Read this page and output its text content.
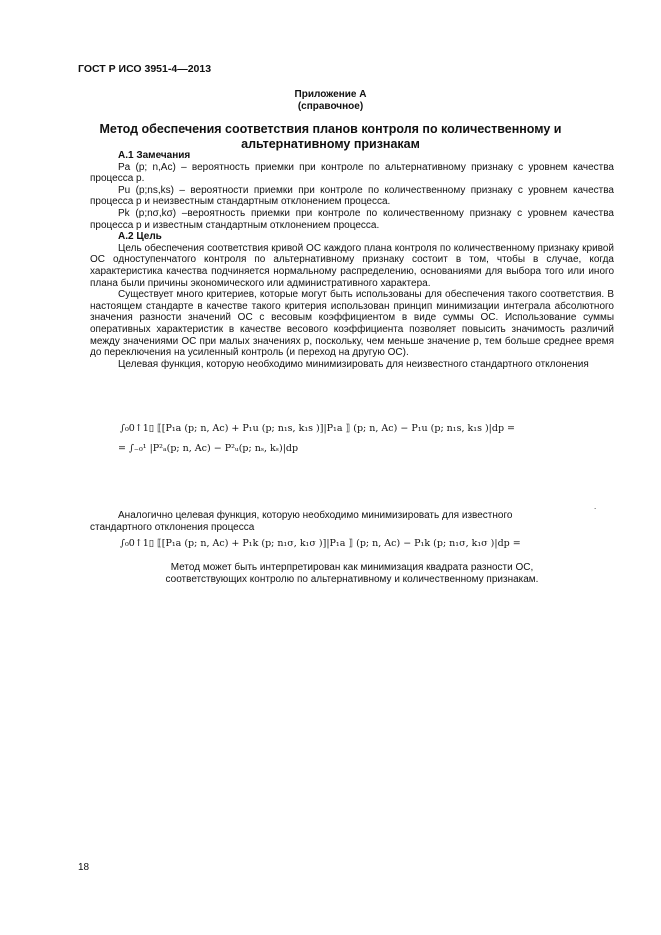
ГОСТ Р ИСО 3951-4—2013
Приложение А
(справочное)
Метод обеспечения соответствия планов контроля по количественному и альтернативному признакам

А.1 Замечания

Pa (p; n,Ac) – вероятность приемки при контроле по альтернативному признаку с уровнем качества процесса p.

Pu (p;ns,ks) – вероятности приемки при контроле по количественному признаку с уровнем качества процесса p и неизвестным стандартным отклонением процесса.

Pk (p;nσ,kσ) –вероятность приемки при контроле по количественному признаку с уровнем качества процесса p и известным стандартным отклонением процесса.

А.2 Цель

Цель обеспечения соответствия кривой ОС каждого плана контроля по количественному признаку кривой ОС одноступенчатого контроля по альтернативному признаку состоит в том, чтобы в случае, когда характеристика качества подчиняется нормальному распределению, основаниями для выбора того или иного плана были причины экономического или административного характера.

Существует много критериев, которые могут быть использованы для обеспечения такого соответствия. В настоящем стандарте в качестве такого критерия использован принцип минимизации интеграла абсолютного значения разности значений ОС с весовым коэффициентом в виде суммы ОС. Использование суммы оперативных характеристик в качестве весового коэффициента позволяет повысить значимость различий между значениями ОС при малых значениях p, поскольку, чем меньше значение p, тем больше среднее время до переключения на усиленный контроль (и переход на другую ОС).

Целевая функция, которую необходимо минимизировать для неизвестного стандартного отклонения

∫₀0↑1▯ ⟦[P₁a (p; n, Ac) + P₁u (p; n₁s, k₁s )]|P₁a ⟧ (p; n, Ac) − P₁u (p; n₁s, k₁s )|dp =
= ∫₋₀¹ |P²ₐ(p; n, Ac) − P²ᵤ(p; nₛ, kₛ)|dp
.

Аналогично целевая функция, которую необходимо минимизировать для известного

стандартного отклонения процесса

∫₀0↑1▯ ⟦[P₁a (p; n, Ac) + P₁k (p; n₁σ, k₁σ )]|P₁a ⟧ (p; n, Ac) − P₁k (p; n₁σ, k₁σ )|dp =

Метод может быть интерпретирован как минимизация квадрата разности ОС,

соответствующих контролю по альтернативному и количественному признакам.

18
